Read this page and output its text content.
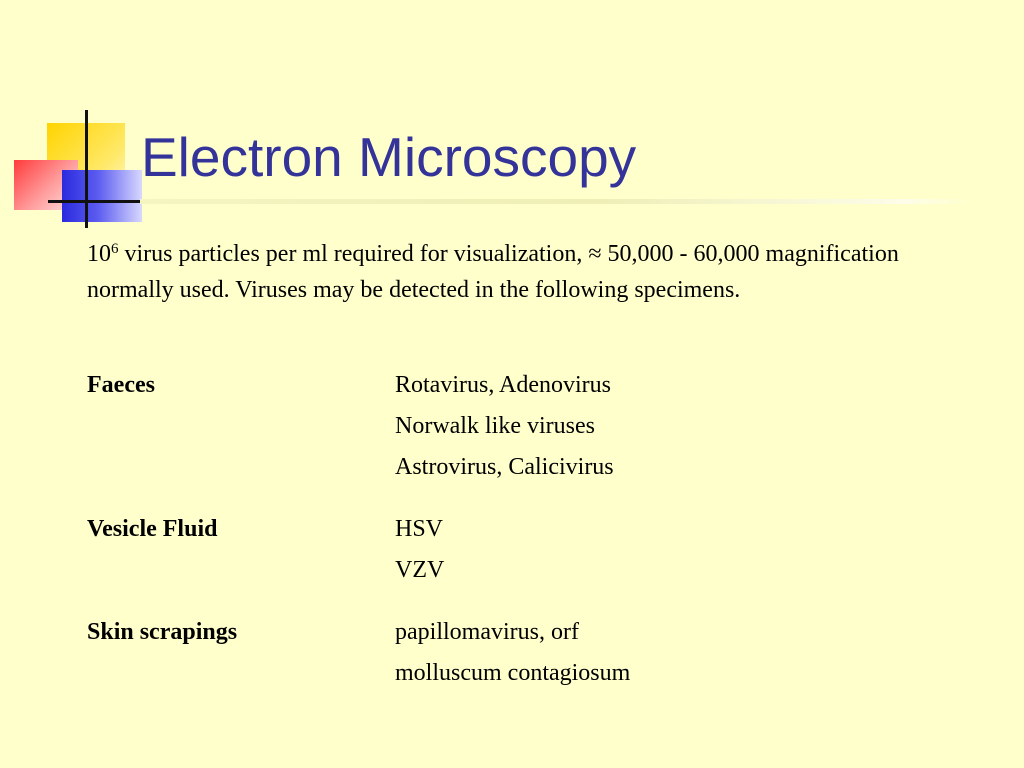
Electron Microscopy

$10^6$ virus particles per ml required for visualization, ≈ 50,000 - 60,000 magnification normally used. Viruses may be detected in the following specimens.

Faeces	Rotavirus, Adenovirus
Norwalk like viruses
Astrovirus, Calicivirus
Vesicle Fluid	HSV
VZV
Skin scrapings	papillomavirus, orf
molluscum contagiosum
